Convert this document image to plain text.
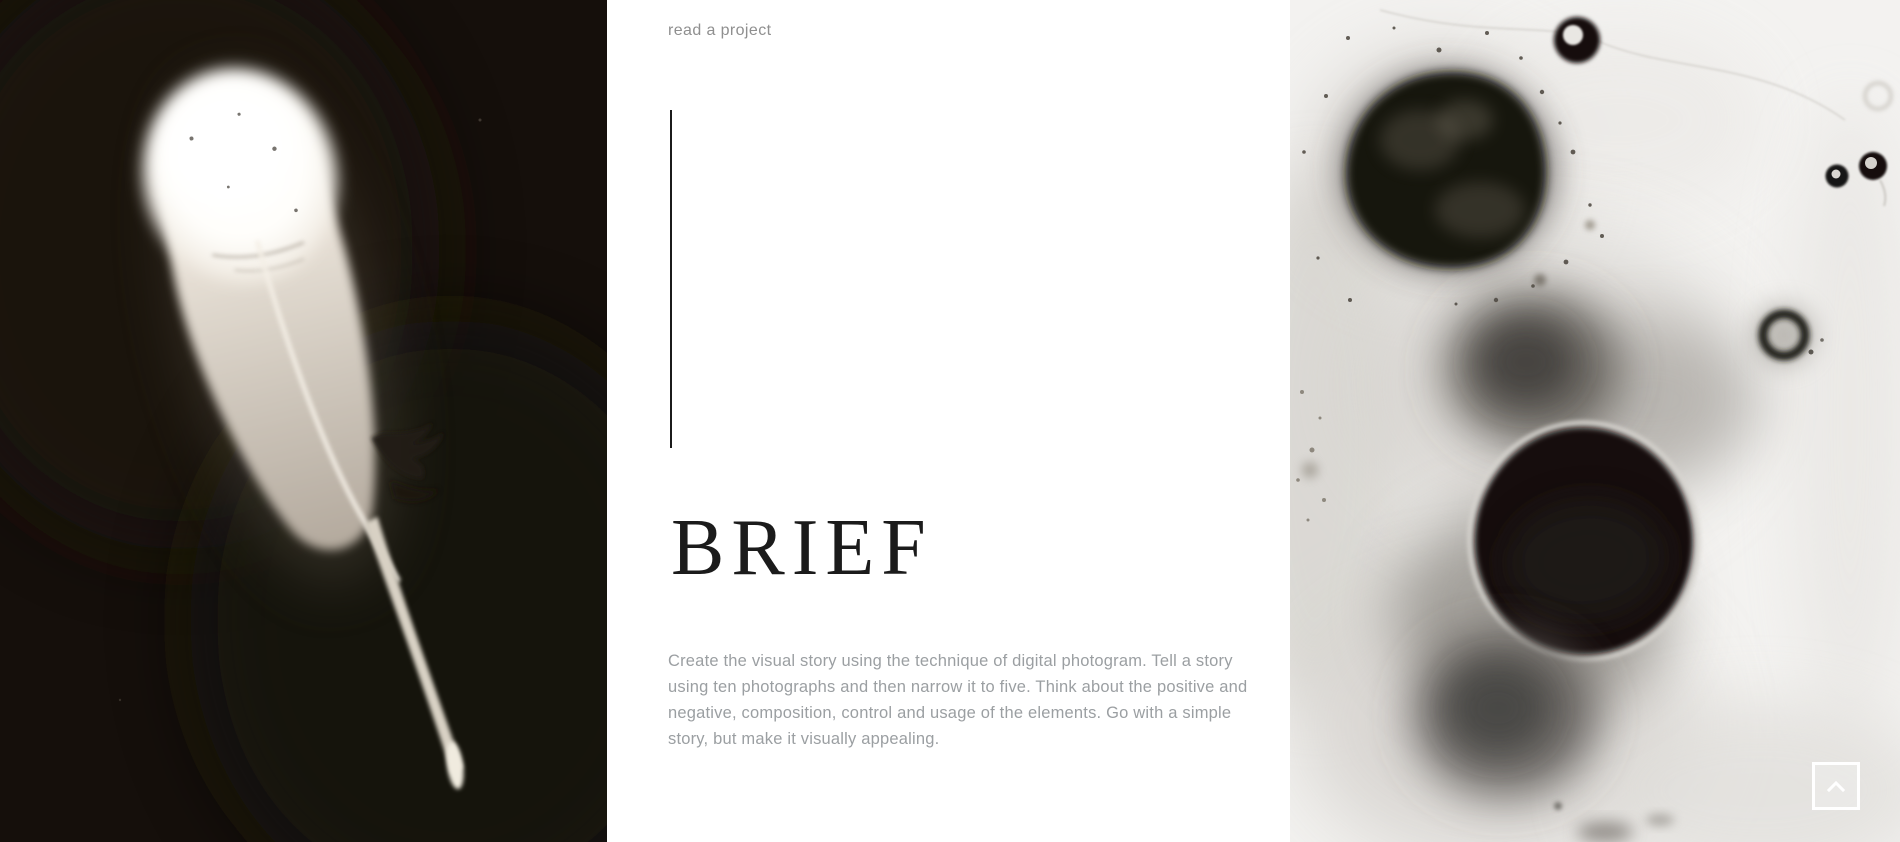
read a project
BRIEF

Create the visual story using the technique of digital photogram. Tell a story
using ten photographs and then narrow it to five. Think about the positive and
negative, composition, control and usage of the elements. Go with a simple
story, but make it visually appealing.
